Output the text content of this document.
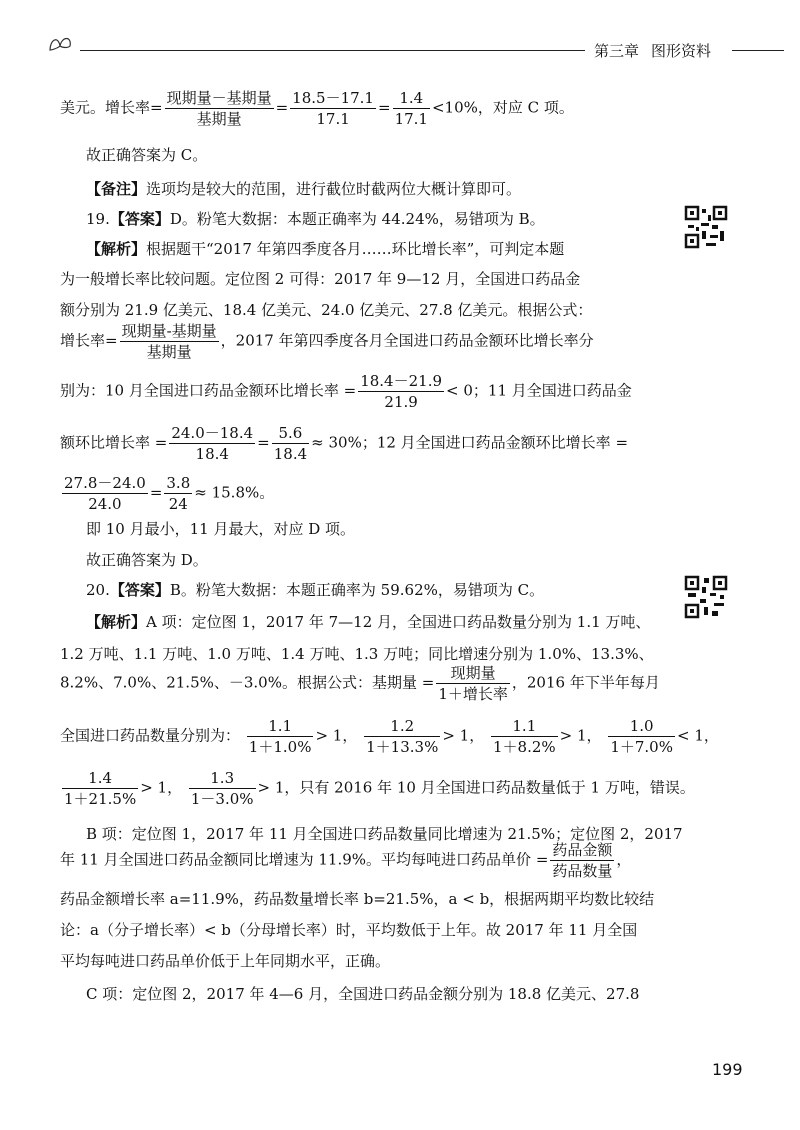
第三章 图形资料
美元。增长率= $\frac{\text{现期量－基期量}}{\text{基期量}} = \frac{18.5-17.1}{17.1} = \frac{1.4}{17.1} <10\%$，对应 C 项。
故正确答案为 C。
【备注】选项均是较大的范围，进行截位时截两位大概计算即可。
19.【答案】D。粉笔大数据：本题正确率为 44.24%，易错项为 B。
【解析】根据题干“2017 年第四季度各月……环比增长率”，可判定本题
为一般增长率比较问题。定位图 2 可得：2017 年 9—12 月，全国进口药品金
额分别为 21.9 亿美元、18.4 亿美元、24.0 亿美元、27.8 亿美元。根据公式：
增长率= $\frac{\text{现期量-基期量}}{\text{基期量}}$ ，2017 年第四季度各月全国进口药品金额环比增长率分
别为：10 月全国进口药品金额环比增长率 = $\frac{18.4-21.9}{21.9} < 0$；11 月全国进口药品金
额环比增长率 = $\frac{24.0-18.4}{18.4} = \frac{5.6}{18.4} \approx 30\%$；12 月全国进口药品金额环比增长率 =
$\frac{27.8-24.0}{24.0} = \frac{3.8}{24} \approx 15.8\%$。
即 10 月最小，11 月最大，对应 D 项。
故正确答案为 D。
20.【答案】B。粉笔大数据：本题正确率为 59.62%，易错项为 C。
【解析】A 项：定位图 1，2017 年 7—12 月，全国进口药品数量分别为 1.1 万吨、
1.2 万吨、1.1 万吨、1.0 万吨、1.4 万吨、1.3 万吨；同比增速分别为 1.0%、13.3%、
8.2%、7.0%、21.5%、－3.0%。根据公式：基期量 = $\frac{\text{现期量}}{\text{1＋增长率}}$ ，2016 年下半年每月
全国进口药品数量分别为： $\frac{1.1}{1+1.0\%} > 1$， $\frac{1.2}{1+13.3\%} > 1$， $\frac{1.1}{1+8.2\%} > 1$， $\frac{1.0}{1+7.0\%} < 1$，
$\frac{1.4}{1+21.5\%} > 1$， $\frac{1.3}{1-3.0\%} > 1$，只有 2016 年 10 月全国进口药品数量低于 1 万吨，错误。
B 项：定位图 1，2017 年 11 月全国进口药品数量同比增速为 21.5%；定位图 2，2017
年 11 月全国进口药品金额同比增速为 11.9%。平均每吨进口药品单价 = $\frac{\text{药品金额}}{\text{药品数量}}$ ，
药品金额增长率 a=11.9%，药品数量增长率 b=21.5%，a < b，根据两期平均数比较结
论：a（分子增长率）< b（分母增长率）时，平均数低于上年。故 2017 年 11 月全国
平均每吨进口药品单价低于上年同期水平，正确。
C 项：定位图 2，2017 年 4—6 月，全国进口药品金额分别为 18.8 亿美元、27.8
199
